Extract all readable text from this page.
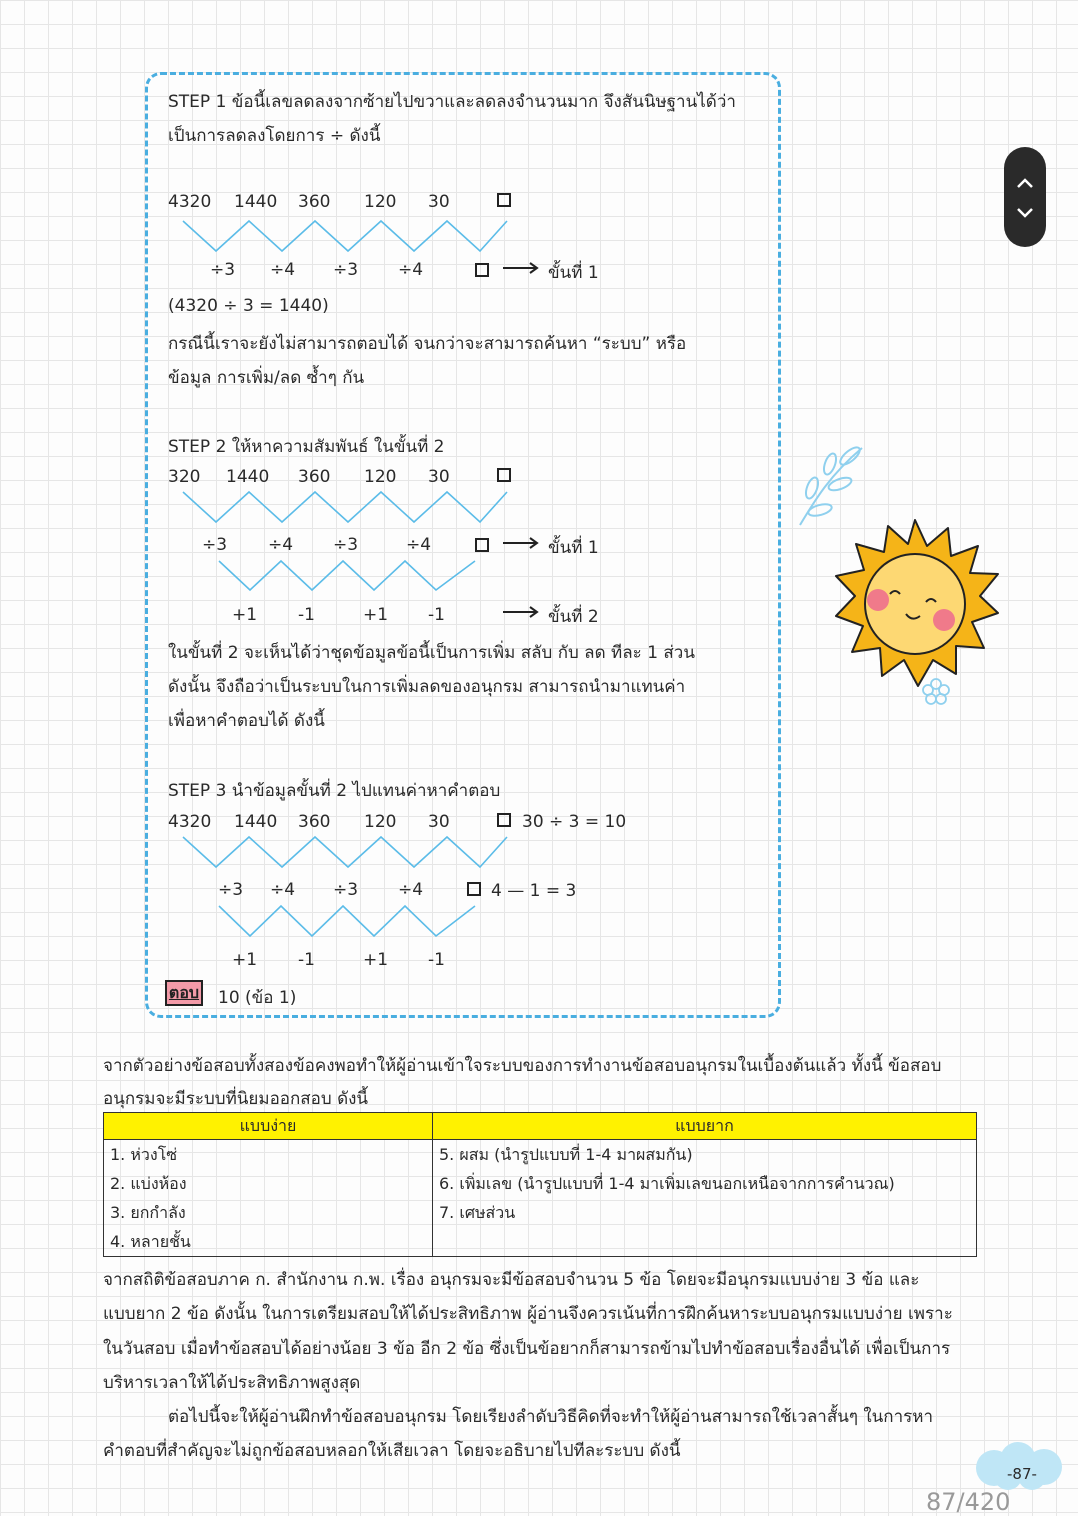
STEP 1 ข้อนี้เลขลดลงจากซ้ายไปขวาและลดลงจำนวนมาก จึงสันนิษฐานได้ว่า
เป็นการลดลงโดยการ ÷ ดังนี้
4320 1440 360 120 30
÷3 ÷4 ÷3 ÷4	ขั้นที่ 1
(4320 ÷ 3 = 1440)
กรณีนี้เราจะยังไม่สามารถตอบได้ จนกว่าจะสามารถค้นหา “ระบบ” หรือ
ข้อมูล การเพิ่ม/ลด ซ้ำๆ กัน
STEP 2 ให้หาความสัมพันธ์ ในขั้นที่ 2
320 1440 360 120 30
÷3 ÷4 ÷3	÷4	ขั้นที่ 1
+1 -1	+1 -1	ขั้นที่ 2
ในขั้นที่ 2 จะเห็นได้ว่าชุดข้อมูลข้อนี้เป็นการเพิ่ม สลับ กับ ลด ทีละ 1 ส่วน
ดังนั้น จึงถือว่าเป็นระบบในการเพิ่มลดของอนุกรม สามารถนำมาแทนค่า
เพื่อหาคำตอบได้ ดังนี้
STEP 3 นำข้อมูลขั้นที่ 2 ไปแทนค่าหาคำตอบ
4320 1440 360 120 30	30 ÷ 3 = 10
÷3 ÷4 ÷3 ÷4	4 — 1 = 3
+1 -1	+1 -1
ตอบ 10 (ข้อ 1)
จากตัวอย่างข้อสอบทั้งสองข้อคงพอทำให้ผู้อ่านเข้าใจระบบของการทำงานข้อสอบอนุกรมในเบื้องต้นแล้ว ทั้งนี้ ข้อสอบ
อนุกรมจะมีระบบที่นิยมออกสอบ ดังนี้
แบบง่าย	แบบยาก
1. ห่วงโซ่	5. ผสม (นำรูปแบบที่ 1-4 มาผสมกัน)
2. แบ่งห้อง	6. เพิ่มเลข (นำรูปแบบที่ 1-4 มาเพิ่มเลขนอกเหนือจากการคำนวณ)
3. ยกกำลัง	7. เศษส่วน
4. หลายชั้น	
จากสถิติข้อสอบภาค ก. สำนักงาน ก.พ. เรื่อง อนุกรมจะมีข้อสอบจำนวน 5 ข้อ โดยจะมีอนุกรมแบบง่าย 3 ข้อ และ
แบบยาก 2 ข้อ ดังนั้น ในการเตรียมสอบให้ได้ประสิทธิภาพ ผู้อ่านจึงควรเน้นที่การฝึกค้นหาระบบอนุกรมแบบง่าย เพราะ
ในวันสอบ เมื่อทำข้อสอบได้อย่างน้อย 3 ข้อ อีก 2 ข้อ ซึ่งเป็นข้อยากก็สามารถข้ามไปทำข้อสอบเรื่องอื่นได้ เพื่อเป็นการ
บริหารเวลาให้ได้ประสิทธิภาพสูงสุด
ต่อไปนี้จะให้ผู้อ่านฝึกทำข้อสอบอนุกรม โดยเรียงลำดับวิธีคิดที่จะทำให้ผู้อ่านสามารถใช้เวลาสั้นๆ ในการหา
คำตอบที่สำคัญจะไม่ถูกข้อสอบหลอกให้เสียเวลา โดยจะอธิบายไปทีละระบบ ดังนี้
-87-
87/420
